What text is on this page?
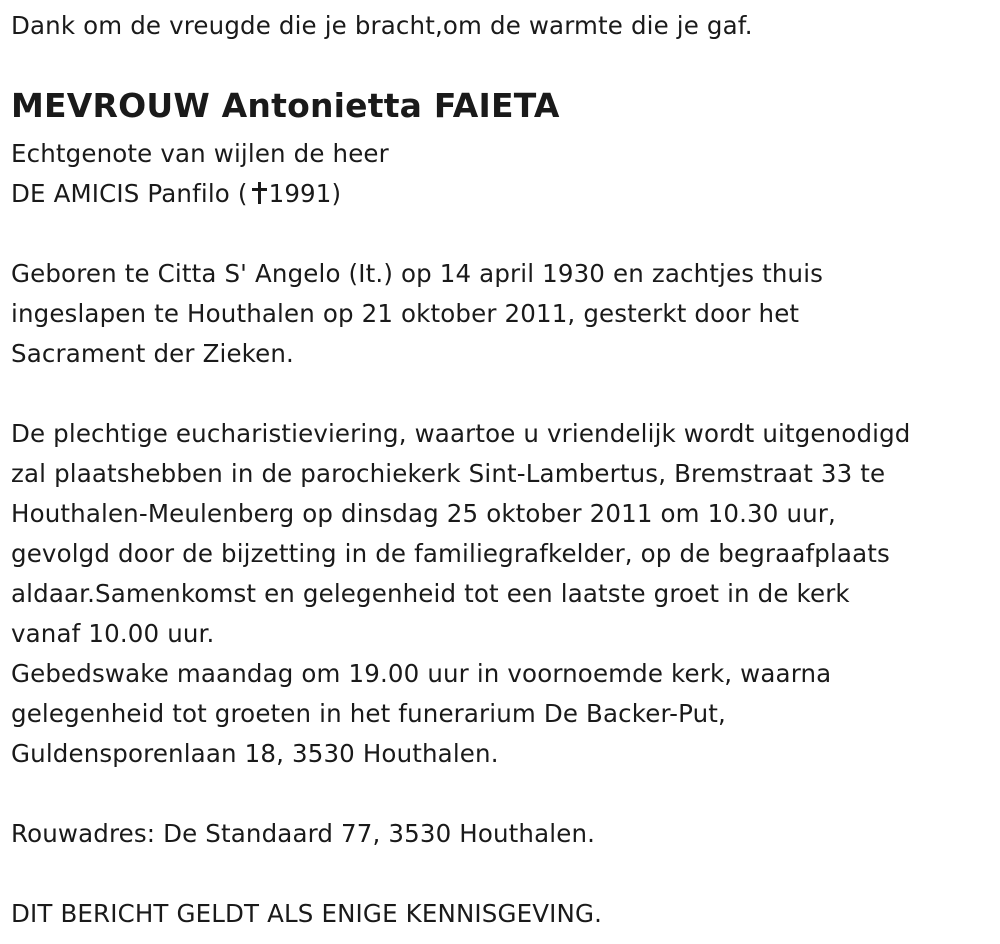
Dank om de vreugde die je bracht,om de warmte die je gaf.
MEVROUW Antonietta FAIETA
Echtgenote van wijlen de heer
DE AMICIS Panfilo ( 1991)
Geboren te Citta S' Angelo (It.) op 14 april 1930 en zachtjes thuis
ingeslapen te Houthalen op 21 oktober 2011, gesterkt door het
Sacrament der Zieken.
De plechtige eucharistieviering, waartoe u vriendelijk wordt uitgenodigd
zal plaatshebben in de parochiekerk Sint-Lambertus, Bremstraat 33 te
Houthalen-Meulenberg op dinsdag 25 oktober 2011 om 10.30 uur,
gevolgd door de bijzetting in de familiegrafkelder, op de begraafplaats
aldaar.Samenkomst en gelegenheid tot een laatste groet in de kerk
vanaf 10.00 uur.
Gebedswake maandag om 19.00 uur in voornoemde kerk, waarna
gelegenheid tot groeten in het funerarium De Backer-Put,
Guldensporenlaan 18, 3530 Houthalen.
Rouwadres: De Standaard 77, 3530 Houthalen.
DIT BERICHT GELDT ALS ENIGE KENNISGEVING.
